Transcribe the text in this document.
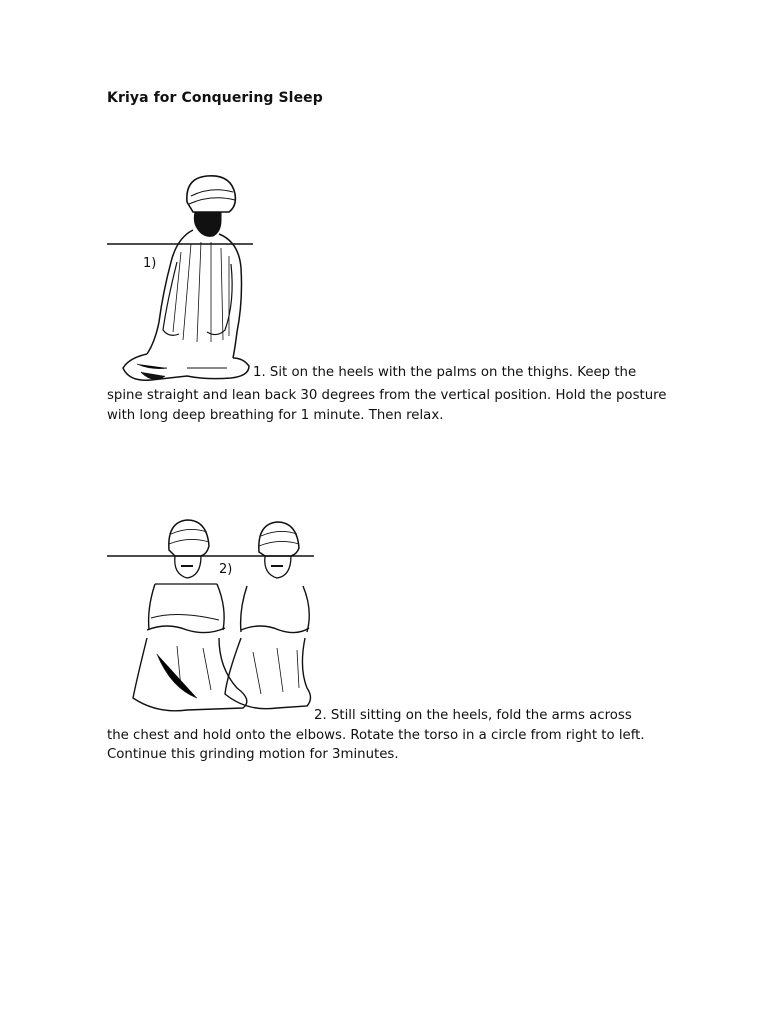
Kriya for Conquering Sleep
1)
1. Sit on the heels with the palms on the thighs. Keep the
spine straight and lean back 30 degrees from the vertical position. Hold the posture with long deep breathing for 1 minute. Then relax.
2)
2. Still sitting on the heels, fold the arms across
the chest and hold onto the elbows. Rotate the torso in a circle from right to left. Continue this grinding motion for 3minutes.
